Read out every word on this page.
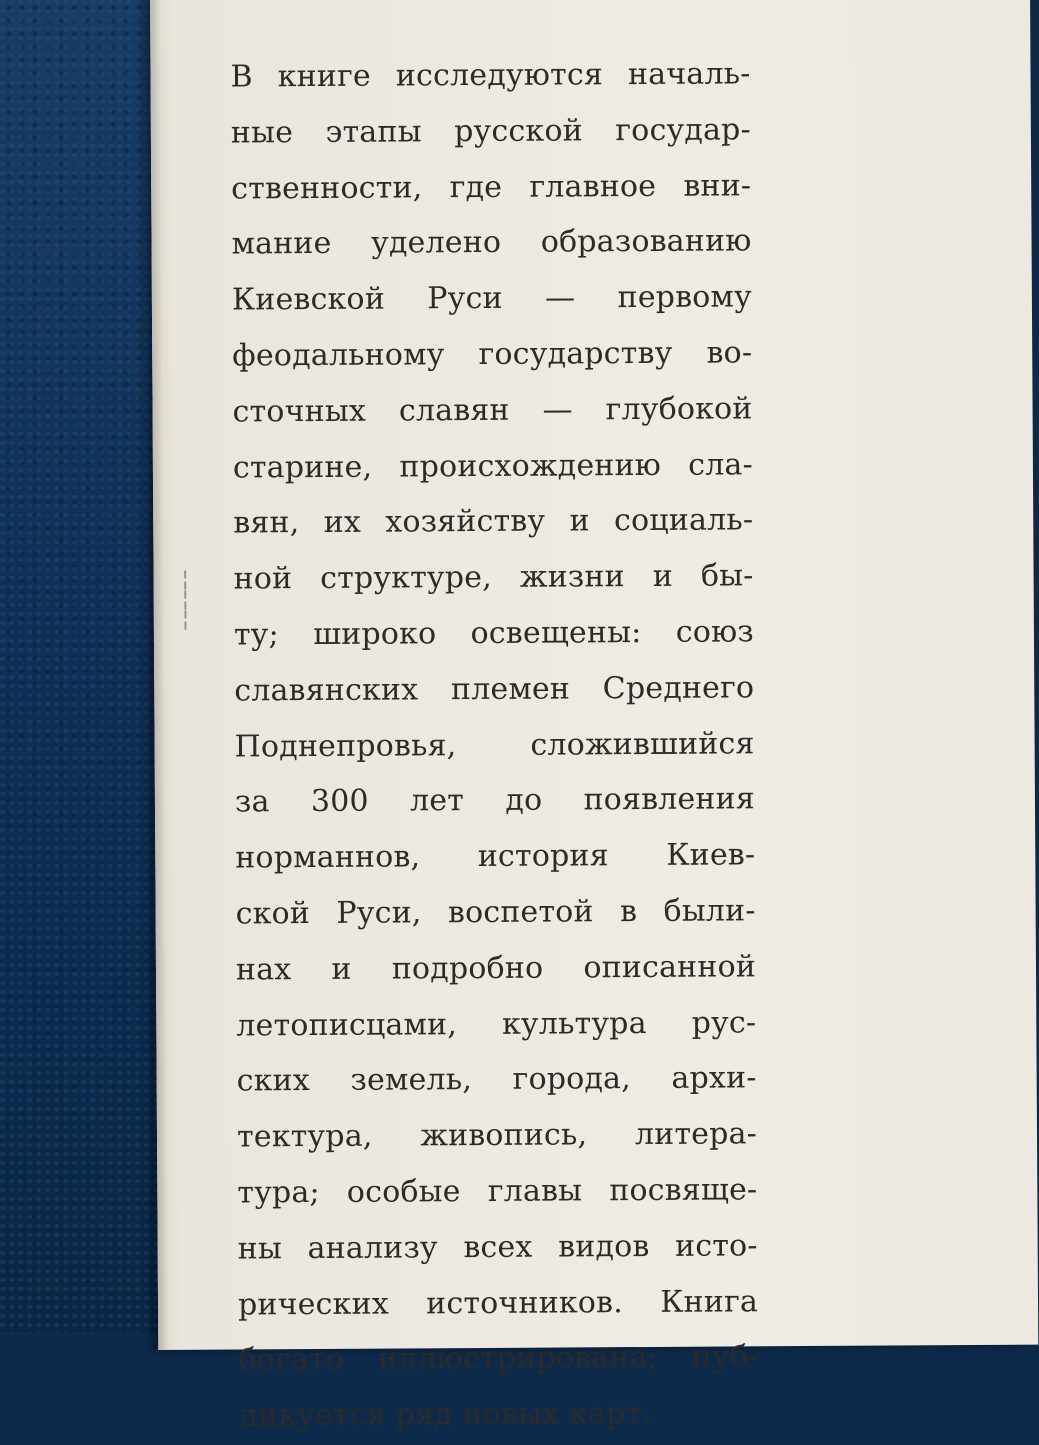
¦
¦
¦
В книге исследуются началь-
ные этапы русской государ-
ственности, где главное вни-
мание уделено образованию
Киевской Руси — первому
феодальному государству во-
сточных славян — глубокой
старине, происхождению сла-
вян, их хозяйству и социаль-
ной структуре, жизни и бы-
ту; широко освещены: союз
славянских племен Среднего
Поднепровья, сложившийся
за 300 лет до появления
норманнов, история Киев-
ской Руси, воспетой в были-
нах и подробно описанной
летописцами, культура рус-
ских земель, города, архи-
тектура, живопись, литера-
тура; особые главы посвяще-
ны анализу всех видов исто-
рических источников. Книга
богато иллюстрирована; пуб-
ликуется ряд новых карт.
